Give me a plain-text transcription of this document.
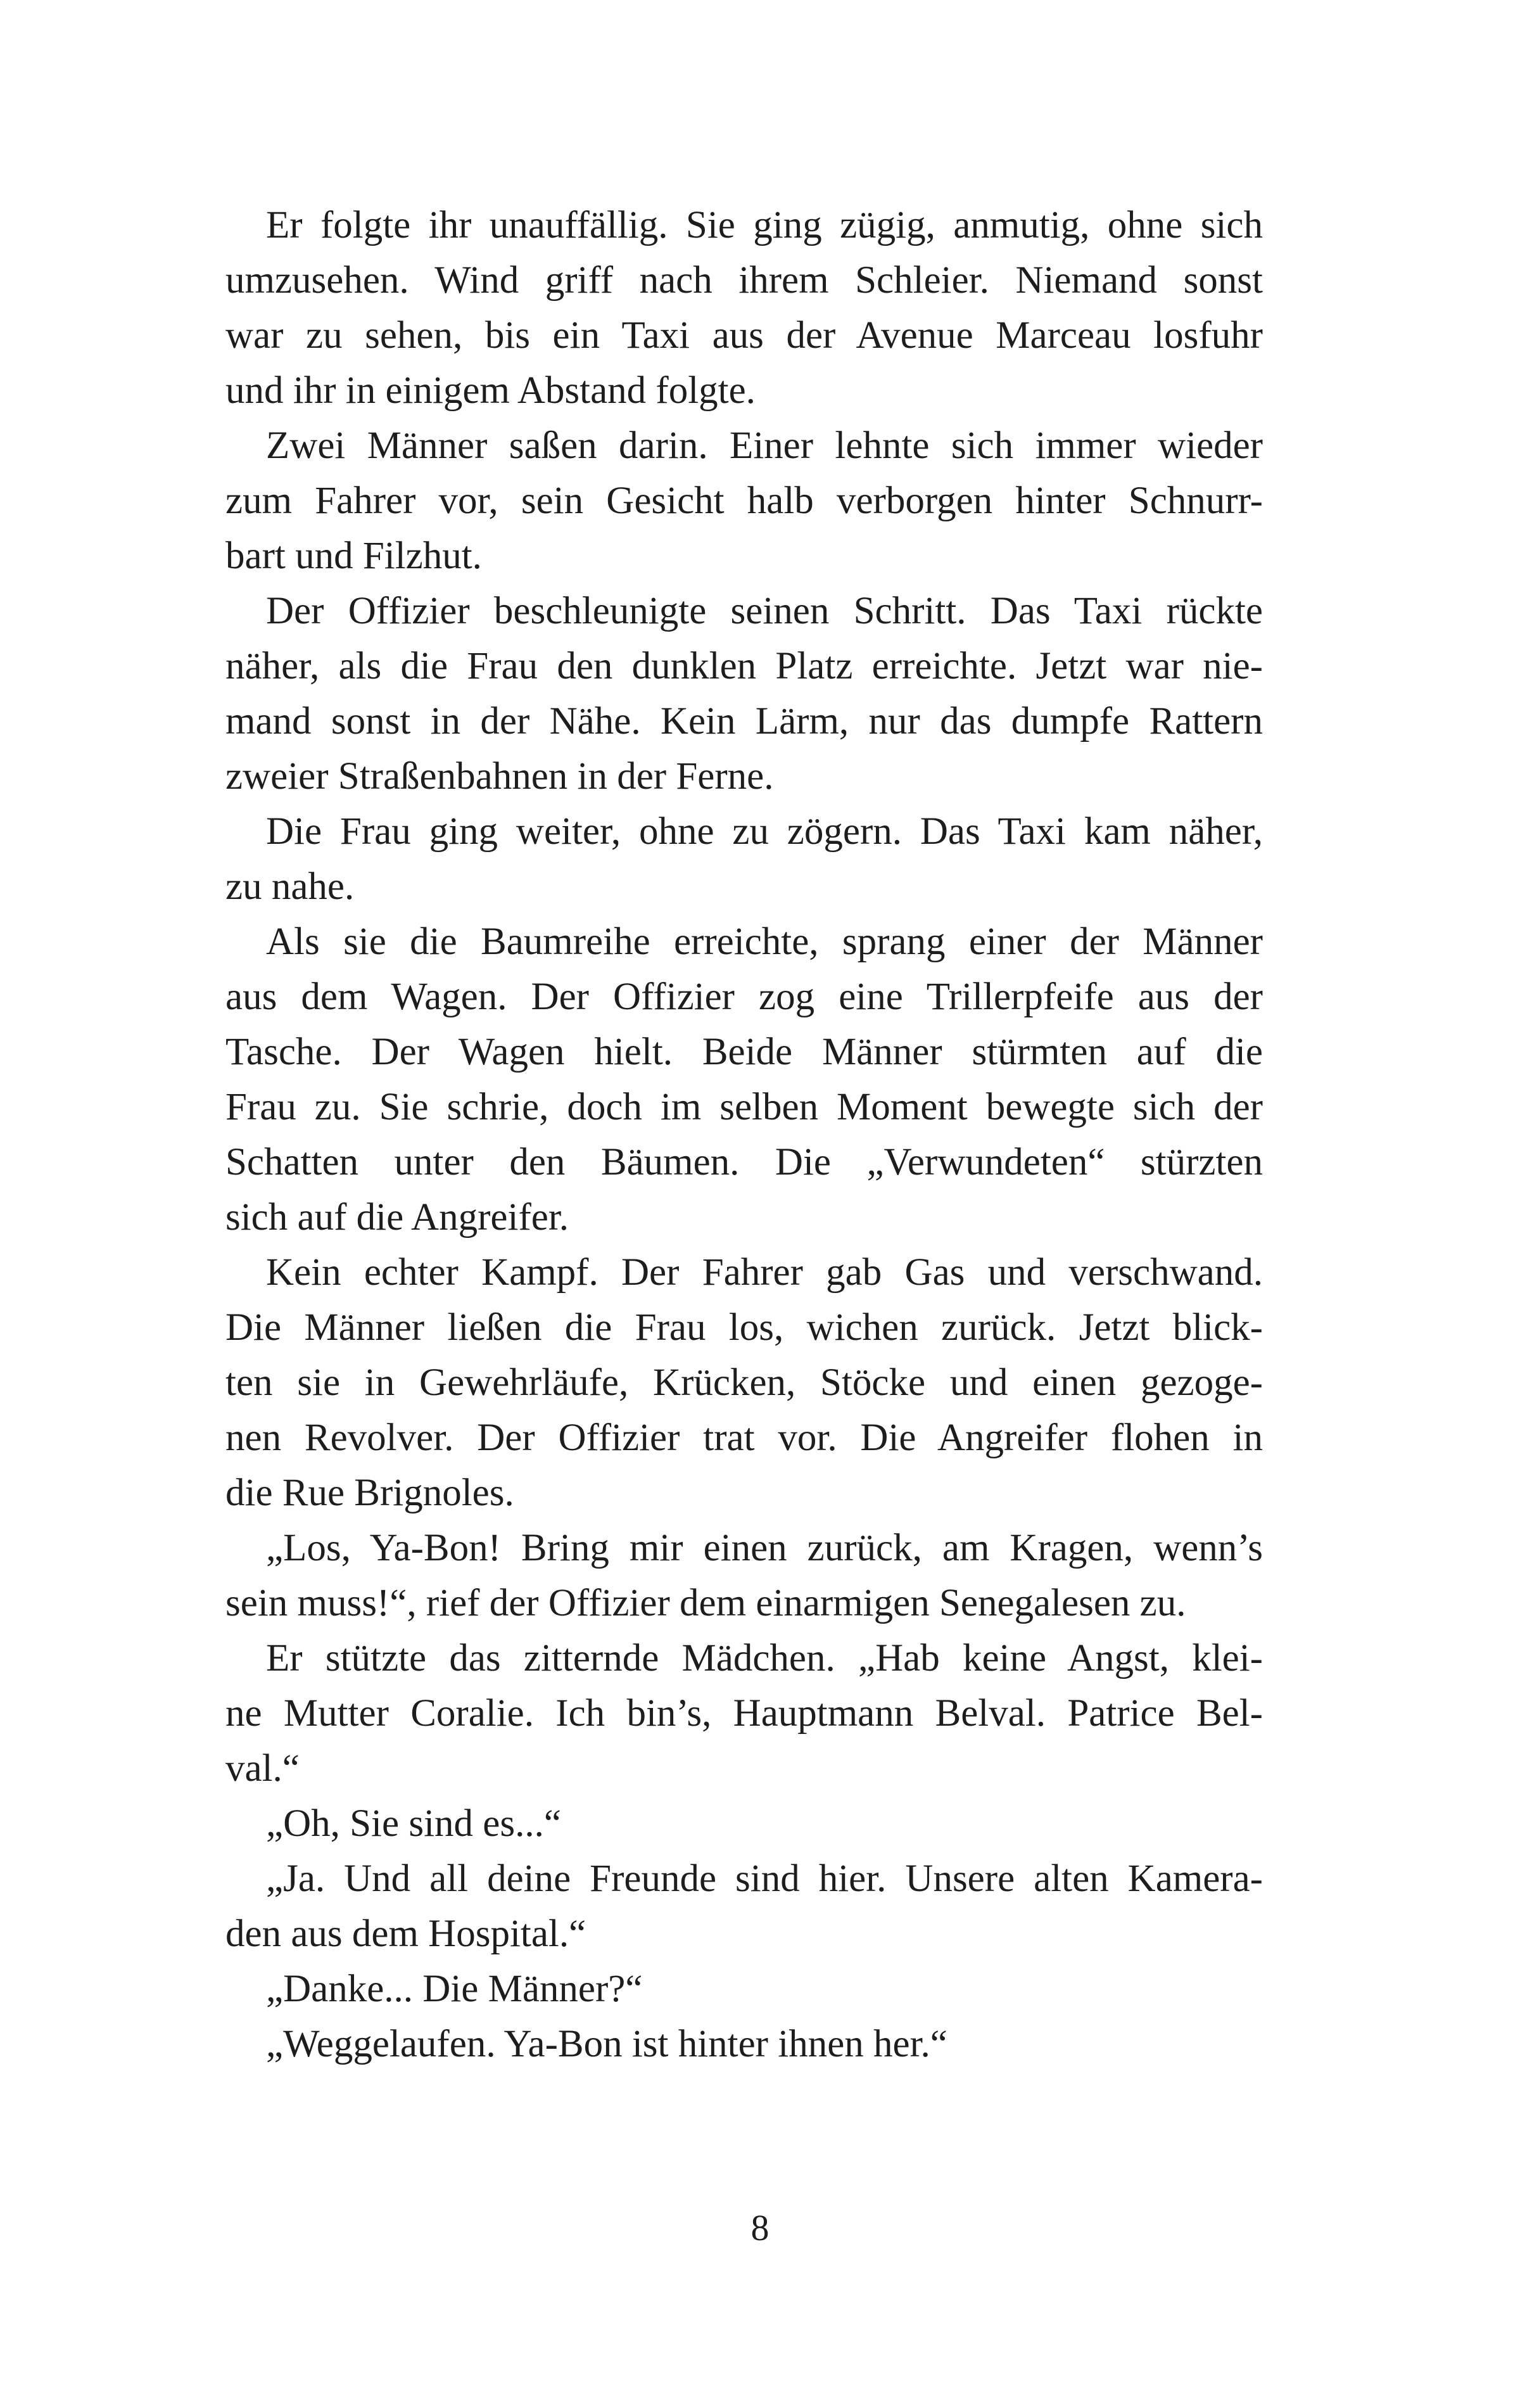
Er folgte ihr unauffällig. Sie ging zügig, anmutig, ohne sich
umzusehen. Wind griff nach ihrem Schleier. Niemand sonst
war zu sehen, bis ein Taxi aus der Avenue Marceau losfuhr
und ihr in einigem Abstand folgte.
Zwei Männer saßen darin. Einer lehnte sich immer wieder
zum Fahrer vor, sein Gesicht halb verborgen hinter Schnurr-
bart und Filzhut.
Der Offizier beschleunigte seinen Schritt. Das Taxi rückte
näher, als die Frau den dunklen Platz erreichte. Jetzt war nie-
mand sonst in der Nähe. Kein Lärm, nur das dumpfe Rattern
zweier Straßenbahnen in der Ferne.
Die Frau ging weiter, ohne zu zögern. Das Taxi kam näher,
zu nahe.
Als sie die Baumreihe erreichte, sprang einer der Männer
aus dem Wagen. Der Offizier zog eine Trillerpfeife aus der
Tasche. Der Wagen hielt. Beide Männer stürmten auf die
Frau zu. Sie schrie, doch im selben Moment bewegte sich der
Schatten unter den Bäumen. Die „Verwundeten“ stürzten
sich auf die Angreifer.
Kein echter Kampf. Der Fahrer gab Gas und verschwand.
Die Männer ließen die Frau los, wichen zurück. Jetzt blick-
ten sie in Gewehrläufe, Krücken, Stöcke und einen gezoge-
nen Revolver. Der Offizier trat vor. Die Angreifer flohen in
die Rue Brignoles.
„Los, Ya-Bon! Bring mir einen zurück, am Kragen, wenn’s
sein muss!“, rief der Offizier dem einarmigen Senegalesen zu.
Er stützte das zitternde Mädchen. „Hab keine Angst, klei-
ne Mutter Coralie. Ich bin’s, Hauptmann Belval. Patrice Bel-
val.“
„Oh, Sie sind es...“
„Ja. Und all deine Freunde sind hier. Unsere alten Kamera-
den aus dem Hospital.“
„Danke... Die Männer?“
„Weggelaufen. Ya-Bon ist hinter ihnen her.“
8
